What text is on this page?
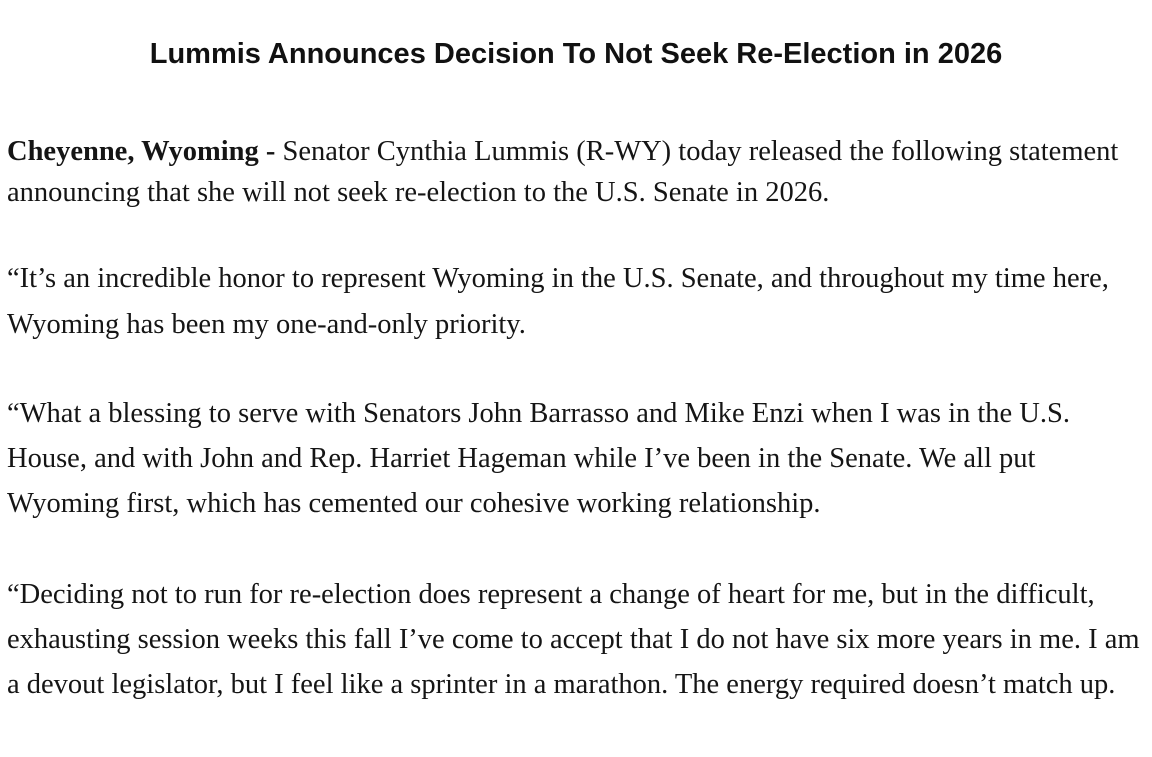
Lummis Announces Decision To Not Seek Re-Election in 2026

Cheyenne, Wyoming - Senator Cynthia Lummis (R-WY) today released the following statement announcing that she will not seek re-election to the U.S. Senate in 2026.

“It’s an incredible honor to represent Wyoming in the U.S. Senate, and throughout my time here, Wyoming has been my one-and-only priority.

“What a blessing to serve with Senators John Barrasso and Mike Enzi when I was in the U.S. House, and with John and Rep. Harriet Hageman while I’ve been in the Senate. We all put Wyoming first, which has cemented our cohesive working relationship.

“Deciding not to run for re-election does represent a change of heart for me, but in the difficult, exhausting session weeks this fall I’ve come to accept that I do not have six more years in me. I am a devout legislator, but I feel like a sprinter in a marathon. The energy required doesn’t match up.
